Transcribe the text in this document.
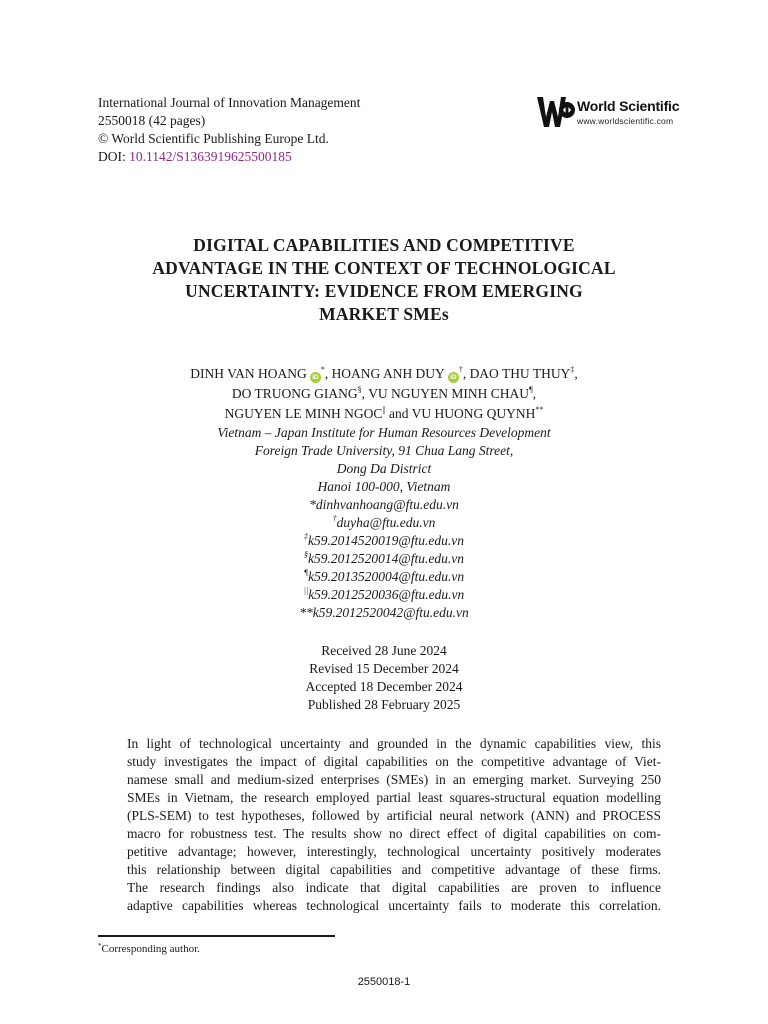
International Journal of Innovation Management
2550018 (42 pages)
© World Scientific Publishing Europe Ltd.
DOI: 10.1142/S1363919625500185
World Scientific
www.worldscientific.com
DIGITAL CAPABILITIES AND COMPETITIVE
ADVANTAGE IN THE CONTEXT OF TECHNOLOGICAL
UNCERTAINTY: EVIDENCE FROM EMERGING
MARKET SMEs
DINH VAN HOANG iD*, HOANG ANH DUY iD†, DAO THU THUY‡,
DO TRUONG GIANG§, VU NGUYEN MINH CHAU¶,
NGUYEN LE MINH NGOC|| and VU HUONG QUYNH**
Vietnam – Japan Institute for Human Resources Development
Foreign Trade University, 91 Chua Lang Street,
Dong Da District
Hanoi 100-000, Vietnam
*dinhvanhoang@ftu.edu.vn
†duyha@ftu.edu.vn
‡k59.2014520019@ftu.edu.vn
§k59.2012520014@ftu.edu.vn
¶k59.2013520004@ftu.edu.vn
||k59.2012520036@ftu.edu.vn
**k59.2012520042@ftu.edu.vn
Received 28 June 2024
Revised 15 December 2024
Accepted 18 December 2024
Published 28 February 2025
In light of technological uncertainty and grounded in the dynamic capabilities view, this
study investigates the impact of digital capabilities on the competitive advantage of Viet-
namese small and medium-sized enterprises (SMEs) in an emerging market. Surveying 250
SMEs in Vietnam, the research employed partial least squares-structural equation modelling
(PLS-SEM) to test hypotheses, followed by artificial neural network (ANN) and PROCESS
macro for robustness test. The results show no direct effect of digital capabilities on com-
petitive advantage; however, interestingly, technological uncertainty positively moderates
this relationship between digital capabilities and competitive advantage of these firms.
The research findings also indicate that digital capabilities are proven to influence
adaptive capabilities whereas technological uncertainty fails to moderate this correlation.
*Corresponding author.
2550018-1
